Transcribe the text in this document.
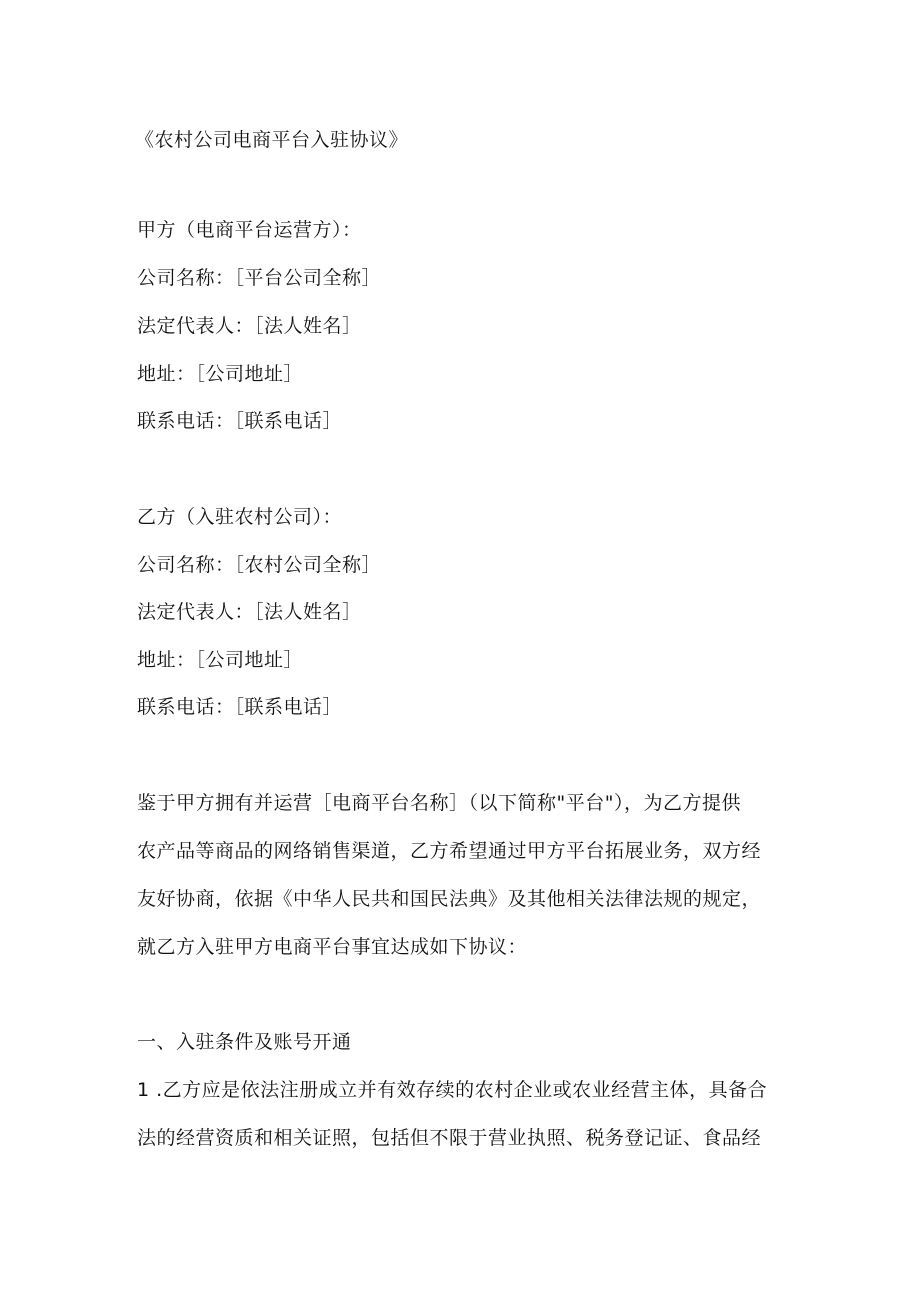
《农村公司电商平台入驻协议》
甲方（电商平台运营方）：
公司名称：［平台公司全称］
法定代表人：［法人姓名］
地址：［公司地址］
联系电话：［联系电话］
乙方（入驻农村公司）：
公司名称：［农村公司全称］
法定代表人：［法人姓名］
地址：［公司地址］
联系电话：［联系电话］
鉴于甲方拥有并运营［电商平台名称］（以下简称"平台"），为乙方提供
农产品等商品的网络销售渠道，乙方希望通过甲方平台拓展业务，双方经
友好协商，依据《中华人民共和国民法典》及其他相关法律法规的规定，
就乙方入驻甲方电商平台事宜达成如下协议：
一、入驻条件及账号开通
1 .乙方应是依法注册成立并有效存续的农村企业或农业经营主体，具备合
法的经营资质和相关证照，包括但不限于营业执照、税务登记证、食品经
